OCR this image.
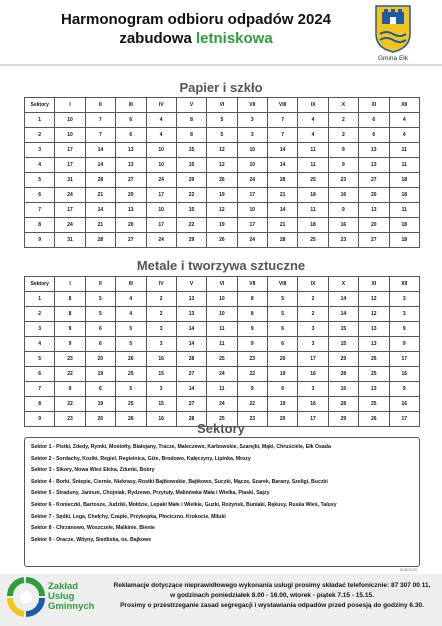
Harmonogram odbioru odpadów 2024
zabudowa letniskowa
Gmina Ełk
Papier i szkło
Sektory	I	II	III	IV	V	VI	VII	VIII	IX	X	XI	XII
1	10	7	6	4	8	5	3	7	4	2	6	4
2	10	7	6	4	8	5	3	7	4	2	6	4
3	17	14	13	10	15	12	10	14	11	9	13	11
4	17	14	13	10	15	12	10	14	11	9	13	11
5	31	28	27	24	29	26	24	28	25	23	27	18
6	24	21	20	17	22	19	17	21	18	16	20	18
7	17	14	13	10	15	12	10	14	11	9	13	11
8	24	21	20	17	22	19	17	21	18	16	20	18
9	31	28	27	24	29	26	24	28	25	23	27	18
Metale i tworzywa sztuczne
Sektory	I	II	III	IV	V	VI	VII	VIII	IX	X	XI	XII
1	8	5	4	2	13	10	8	5	2	14	12	3
2	8	5	4	2	13	10	8	5	2	14	12	3
3	9	6	5	3	14	11	9	6	3	15	13	9
4	9	6	5	3	14	11	9	6	3	15	13	9
5	23	20	26	16	28	25	23	20	17	29	26	17
6	22	19	25	15	27	24	22	19	16	28	25	16
7	9	6	5	3	14	11	9	6	3	15	13	9
8	22	19	25	15	27	24	22	19	16	28	25	16
9	23	20	26	16	28	25	23	20	17	29	26	17
Sektory
Sektor 1 - Pistki, Zdedy, Rymki, Mostołty, Białojany, Tracze, Maleczewo, Karbowskie, Szarejki, Mąki, Chruściele, Ełk Osada
Sektor 2 - Sordachy, Koziki, Regiel, Regielnica, Giże, Brodowo, Kałęczyny, Lipinka, Mrozy
Sektor 3 - Sikory, Nowa Wieś Ełcka, Zdunki, Bobry
Sektor 4 - Borki, Śniepie, Ciernie, Niekrasy, Rostki Bajtkowskie, Bajtkowo, Suczki, Mącze, Szarek, Barany, Szeligi, Buczki
Sektor 5 - Straduny, Janisze, Chojniak, Rydzewo, Przytuły, Malinówka Mała i Wielka, Piaski, Sajzy
Sektor 6 - Konieczki, Bartosze, Judziki, Mołdzie, Lepaki Małe i Wielkie, Guzki, Rożyńsk, Buniaki, Rękusy, Ruska Wieś, Talusy
Sektor 7 - Sędki, Lega, Chełchy, Czaple, Przykopka, Płociczno, Krokocie, Miluki
Sektor 8 - Chrzanowo, Woszczele, Malkinie, Bienie
Sektor 9 - Oracze, Wityny, Siedliska, os. Bajkowe
ZUG/11/23
Zakład
Usług
Gminnych
Reklamacje dotyczące nieprawidłowego wykonania usługi prosimy składać telefonicznie: 87 307 00 11,
w godzinach poniedziałek 8.00 - 16.00, wtorek - piątek 7.15 - 15.15.
Prosimy o przestrzeganie zasad segregacji i wystawiania odpadów przed posesją do godziny 6.30.
